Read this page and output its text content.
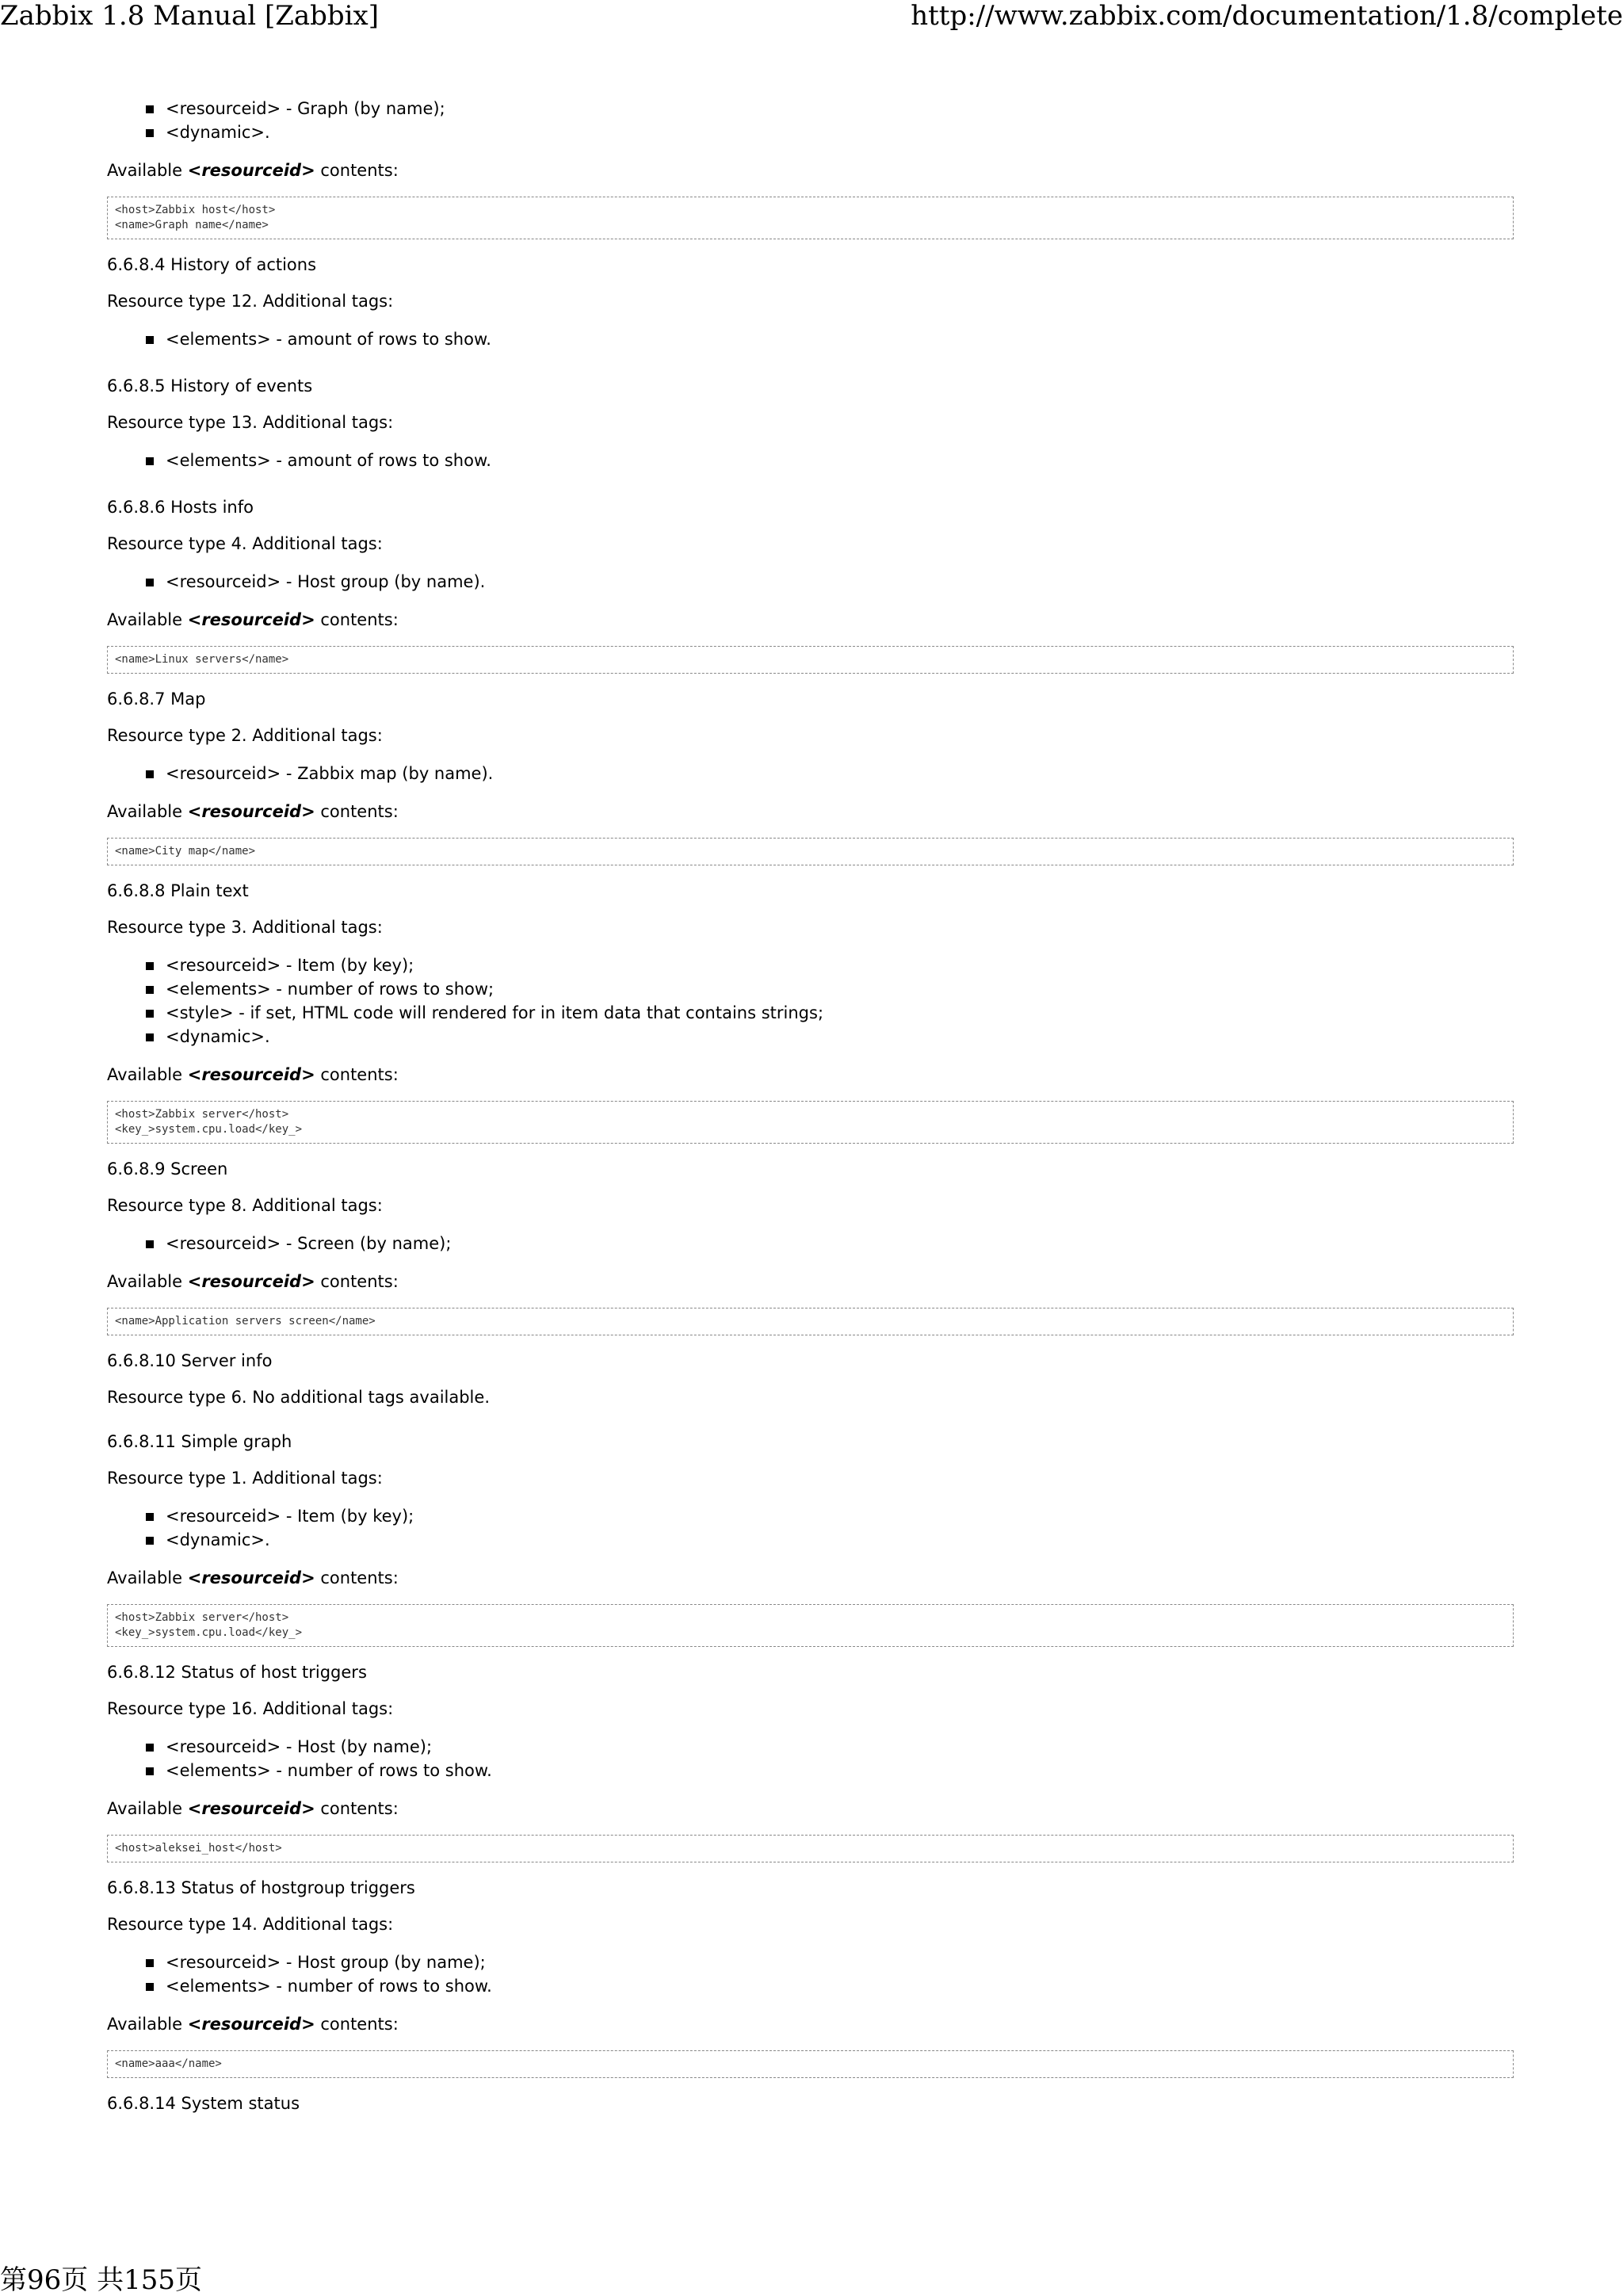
Zabbix 1.8 Manual [Zabbix]	http://www.zabbix.com/documentation/1.8/complete
<resourceid> - Graph (by name);
<dynamic>.

Available <resourceid> contents:

<host>Zabbix host</host>
<name>Graph name</name>

6.6.8.4 History of actions

Resource type 12. Additional tags:

<elements> - amount of rows to show.

6.6.8.5 History of events

Resource type 13. Additional tags:

<elements> - amount of rows to show.

6.6.8.6 Hosts info

Resource type 4. Additional tags:

<resourceid> - Host group (by name).

Available <resourceid> contents:

<name>Linux servers</name>

6.6.8.7 Map

Resource type 2. Additional tags:

<resourceid> - Zabbix map (by name).

Available <resourceid> contents:

<name>City map</name>

6.6.8.8 Plain text

Resource type 3. Additional tags:

<resourceid> - Item (by key);
<elements> - number of rows to show;
<style> - if set, HTML code will rendered for in item data that contains strings;
<dynamic>.

Available <resourceid> contents:

<host>Zabbix server</host>
<key_>system.cpu.load</key_>

6.6.8.9 Screen

Resource type 8. Additional tags:

<resourceid> - Screen (by name);

Available <resourceid> contents:

<name>Application servers screen</name>

6.6.8.10 Server info

Resource type 6. No additional tags available.

6.6.8.11 Simple graph

Resource type 1. Additional tags:

<resourceid> - Item (by key);
<dynamic>.

Available <resourceid> contents:

<host>Zabbix server</host>
<key_>system.cpu.load</key_>

6.6.8.12 Status of host triggers

Resource type 16. Additional tags:

<resourceid> - Host (by name);
<elements> - number of rows to show.

Available <resourceid> contents:

<host>aleksei_host</host>

6.6.8.13 Status of hostgroup triggers

Resource type 14. Additional tags:

<resourceid> - Host group (by name);
<elements> - number of rows to show.

Available <resourceid> contents:

<name>aaa</name>

6.6.8.14 System status

第96页 共155页
